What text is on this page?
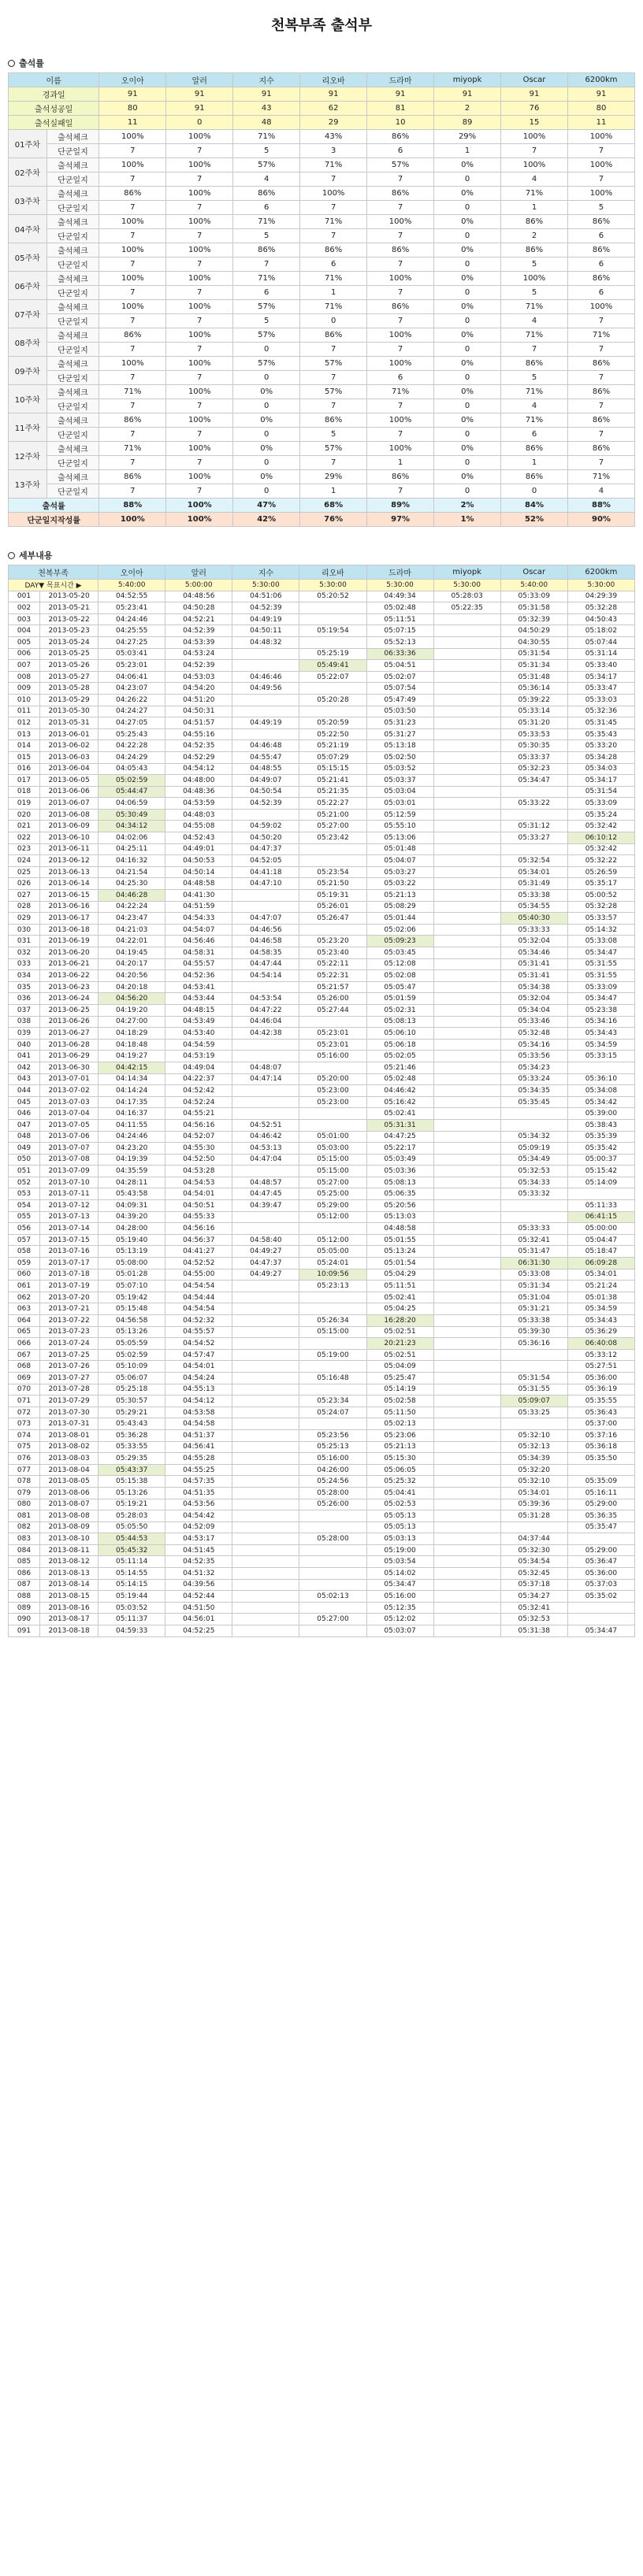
천복부족 출석부
출석률
이름		오이아	알러	지수	리오바	드라마	miyopk	Oscar	6200km
경과일		91	91	91	91	91	91	91	91
출석성공일		80	91	43	62	81	2	76	80
출석실패일		11	0	48	29	10	89	15	11
01주차	출석체크	100%	100%	71%	43%	86%	29%	100%	100%
	단군일지	7	7	5	3	6	1	7	7
02주차	출석체크	100%	100%	57%	71%	57%	0%	100%	100%
	단군일지	7	7	4	7	7	0	4	7
03주차	출석체크	86%	100%	86%	100%	86%	0%	71%	100%
	단군일지	7	7	6	7	7	0	1	5
04주차	출석체크	100%	100%	71%	71%	100%	0%	86%	86%
	단군일지	7	7	5	7	7	0	2	6
05주차	출석체크	100%	100%	86%	86%	86%	0%	86%	86%
	단군일지	7	7	7	6	7	0	5	6
06주차	출석체크	100%	100%	71%	71%	100%	0%	100%	86%
	단군일지	7	7	6	1	7	0	5	6
07주차	출석체크	100%	100%	57%	71%	86%	0%	71%	100%
	단군일지	7	7	5	0	7	0	4	7
08주차	출석체크	86%	100%	57%	86%	100%	0%	71%	71%
	단군일지	7	7	0	7	7	0	7	7
09주차	출석체크	100%	100%	57%	57%	100%	0%	86%	86%
	단군일지	7	7	0	7	6	0	5	7
10주차	출석체크	71%	100%	0%	57%	71%	0%	71%	86%
	단군일지	7	7	0	7	7	0	4	7
11주차	출석체크	86%	100%	0%	86%	100%	0%	71%	86%
	단군일지	7	7	0	5	7	0	6	7
12주차	출석체크	71%	100%	0%	57%	100%	0%	86%	86%
	단군일지	7	7	0	7	1	0	1	7
13주차	출석체크	86%	100%	0%	29%	86%	0%	86%	71%
	단군일지	7	7	0	1	7	0	0	4
출석률		88%	100%	47%	68%	89%	2%	84%	88%
단군일지작성률		100%	100%	42%	76%	97%	1%	52%	90%
세부내용
천복부족		오이아	알러	지수	리오바	드라마	miyopk	Oscar	6200km
DAY▼ 목표시간 ▶		5:40:00	5:00:00	5:30:00	5:30:00	5:30:00	5:30:00	5:40:00	5:30:00
001	2013-05-20	04:52:55	04:48:56	04:51:06	05:20:52	04:49:34	05:28:03	05:33:09	04:29:39
002	2013-05-21	05:23:41	04:50:28	04:52:39		05:02:48	05:22:35	05:31:58	05:32:28
003	2013-05-22	04:24:46	04:52:21	04:49:19		05:11:51		05:32:39	04:50:43
004	2013-05-23	04:25:55	04:52:39	04:50:11	05:19:54	05:07:15		04:50:29	05:18:02
005	2013-05-24	04:27:25	04:53:39	04:48:32		05:52:13		04:30:55	05:07:44
006	2013-05-25	05:03:41	04:53:24		05:25:19	06:33:36		05:31:54	05:31:14
007	2013-05-26	05:23:01	04:52:39		05:49:41	05:04:51		05:31:34	05:33:40
008	2013-05-27	04:06:41	04:53:03	04:46:46	05:22:07	05:02:07		05:31:48	05:34:17
009	2013-05-28	04:23:07	04:54:20	04:49:56		05:07:54		05:36:14	05:33:47
010	2013-05-29	04:26:22	04:51:20		05:20:28	05:47:49		05:39:22	05:33:03
011	2013-05-30	04:24:27	04:50:31			05:03:50		05:33:14	05:32:36
012	2013-05-31	04:27:05	04:51:57	04:49:19	05:20:59	05:31:23		05:31:20	05:31:45
013	2013-06-01	05:25:43	04:55:16		05:22:50	05:31:27		05:33:53	05:35:43
014	2013-06-02	04:22:28	04:52:35	04:46:48	05:21:19	05:13:18		05:30:35	05:33:20
015	2013-06-03	04:24:29	04:52:29	04:55:47	05:07:29	05:02:50		05:33:37	05:34:28
016	2013-06-04	04:05:43	04:54:12	04:48:55	05:15:15	05:03:52		05:32:23	05:34:03
017	2013-06-05	05:02:59	04:48:00	04:49:07	05:21:41	05:03:37		05:34:47	05:34:17
018	2013-06-06	05:44:47	04:48:36	04:50:54	05:21:35	05:03:04			05:31:54
019	2013-06-07	04:06:59	04:53:59	04:52:39	05:22:27	05:03:01		05:33:22	05:33:09
020	2013-06-08	05:30:49	04:48:03		05:21:00	05:12:59			05:35:24
021	2013-06-09	04:34:12	04:55:08	04:59:02	05:27:00	05:55:10		05:31:12	05:32:42
022	2013-06-10	04:02:06	04:52:43	04:50:20	05:23:42	05:13:06		05:33:27	06:10:12
023	2013-06-11	04:25:11	04:49:01	04:47:37		05:01:48			05:32:42
024	2013-06-12	04:16:32	04:50:53	04:52:05		05:04:07		05:32:54	05:32:22
025	2013-06-13	04:21:54	04:50:14	04:41:18	05:23:54	05:03:27		05:34:01	05:26:59
026	2013-06-14	04:25:30	04:48:58	04:47:10	05:21:50	05:03:22		05:31:49	05:35:17
027	2013-06-15	04:46:28	04:41:30		05:19:31	05:21:13		05:33:38	05:00:52
028	2013-06-16	04:22:24	04:51:59		05:26:01	05:08:29		05:34:55	05:32:28
029	2013-06-17	04:23:47	04:54:33	04:47:07	05:26:47	05:01:44		05:40:30	05:33:57
030	2013-06-18	04:21:03	04:54:07	04:46:56		05:02:06		05:33:33	05:14:32
031	2013-06-19	04:22:01	04:56:46	04:46:58	05:23:20	05:09:23		05:32:04	05:33:08
032	2013-06-20	04:19:45	04:58:31	04:58:35	05:23:40	05:03:45		05:34:46	05:34:47
033	2013-06-21	04:20:17	04:55:57	04:47:44	05:22:11	05:12:08		05:31:41	05:31:55
034	2013-06-22	04:20:56	04:52:36	04:54:14	05:22:31	05:02:08		05:31:41	05:31:55
035	2013-06-23	04:20:18	04:53:41		05:21:57	05:05:47		05:34:38	05:33:09
036	2013-06-24	04:56:20	04:53:44	04:53:54	05:26:00	05:01:59		05:32:04	05:34:47
037	2013-06-25	04:19:20	04:48:15	04:47:22	05:27:44	05:02:31		05:34:04	05:23:38
038	2013-06-26	04:27:00	04:53:49	04:46:04		05:08:13		05:33:46	05:34:16
039	2013-06-27	04:18:29	04:53:40	04:42:38	05:23:01	05:06:10		05:32:48	05:34:43
040	2013-06-28	04:18:48	04:54:59		05:23:01	05:06:18		05:34:16	05:34:59
041	2013-06-29	04:19:27	04:53:19		05:16:00	05:02:05		05:33:56	05:33:15
042	2013-06-30	04:42:15	04:49:04	04:48:07		05:21:46		05:34:23	
043	2013-07-01	04:14:34	04:22:37	04:47:14	05:20:00	05:02:48		05:33:24	05:36:10
044	2013-07-02	04:14:24	04:52:42		05:23:00	04:46:42		05:34:35	05:34:08
045	2013-07-03	04:17:35	04:52:24		05:23:00	05:16:42		05:35:45	05:34:42
046	2013-07-04	04:16:37	04:55:21			05:02:41			05:39:00
047	2013-07-05	04:11:55	04:56:16	04:52:51		05:31:31			05:38:43
048	2013-07-06	04:24:46	04:52:07	04:46:42	05:01:00	04:47:25		05:34:32	05:35:39
049	2013-07-07	04:23:20	04:55:30	04:53:13	05:03:00	05:22:17		05:09:19	05:35:42
050	2013-07-08	04:19:39	04:52:50	04:47:04	05:15:00	05:03:49		05:34:49	05:00:37
051	2013-07-09	04:35:59	04:53:28		05:15:00	05:03:36		05:32:53	05:15:42
052	2013-07-10	04:28:11	04:54:53	04:48:57	05:27:00	05:08:13		05:34:33	05:14:09
053	2013-07-11	05:43:58	04:54:01	04:47:45	05:25:00	05:06:35		05:33:32	
054	2013-07-12	04:09:31	04:50:51	04:39:47	05:29:00	05:20:56			05:11:33
055	2013-07-13	04:39:20	04:55:33		05:12:00	05:13:03			06:41:15
056	2013-07-14	04:28:00	04:56:16			04:48:58		05:33:33	05:00:00
057	2013-07-15	05:19:40	04:56:37	04:58:40	05:12:00	05:01:55		05:32:41	05:04:47
058	2013-07-16	05:13:19	04:41:27	04:49:27	05:05:00	05:13:24		05:31:47	05:18:47
059	2013-07-17	05:08:00	04:52:52	04:47:37	05:24:01	05:01:54		06:31:30	06:09:28
060	2013-07-18	05:01:28	04:55:00	04:49:27	10:09:56	05:04:29		05:33:08	05:34:01
061	2013-07-19	05:07:10	04:54:54		05:23:13	05:11:51		05:31:34	05:21:24
062	2013-07-20	05:19:42	04:54:44			05:02:41		05:31:04	05:01:38
063	2013-07-21	05:15:48	04:54:54			05:04:25		05:31:21	05:34:59
064	2013-07-22	04:56:58	04:52:32		05:26:34	16:28:20		05:33:38	05:34:43
065	2013-07-23	05:13:26	04:55:57		05:15:00	05:02:51		05:39:30	05:36:29
066	2013-07-24	05:05:59	04:54:52			20:21:23		05:36:16	06:40:08
067	2013-07-25	05:02:59	04:57:47		05:19:00	05:02:51			05:33:12
068	2013-07-26	05:10:09	04:54:01			05:04:09			05:27:51
069	2013-07-27	05:06:07	04:54:24		05:16:48	05:25:47		05:31:54	05:36:00
070	2013-07-28	05:25:18	04:55:13			05:14:19		05:31:55	05:36:19
071	2013-07-29	05:30:57	04:54:12		05:23:34	05:02:58		05:09:07	05:35:55
072	2013-07-30	05:29:21	04:53:58		05:24:07	05:11:50		05:33:25	05:36:43
073	2013-07-31	05:43:43	04:54:58			05:02:13			05:37:00
074	2013-08-01	05:36:28	04:51:37		05:23:56	05:23:06		05:32:10	05:37:16
075	2013-08-02	05:33:55	04:56:41		05:25:13	05:21:13		05:32:13	05:36:18
076	2013-08-03	05:29:35	04:55:28		05:16:00	05:15:30		05:34:39	05:35:50
077	2013-08-04	05:43:37	04:55:25		04:26:00	05:06:05		05:32:20	
078	2013-08-05	05:15:38	04:57:35		05:24:56	05:25:32		05:32:10	05:35:09
079	2013-08-06	05:13:26	04:51:35		05:28:00	05:04:41		05:34:01	05:16:11
080	2013-08-07	05:19:21	04:53:56		05:26:00	05:02:53		05:39:36	05:29:00
081	2013-08-08	05:28:03	04:54:42			05:05:13		05:31:28	05:36:35
082	2013-08-09	05:05:50	04:52:09			05:05:13			05:35:47
083	2013-08-10	05:44:53	04:53:17		05:28:00	05:03:13		04:37:44	
084	2013-08-11	05:45:32	04:51:45			05:19:00		05:32:30	05:29:00
085	2013-08-12	05:11:14	04:52:35			05:03:54		05:34:54	05:36:47
086	2013-08-13	05:14:55	04:51:32			05:14:02		05:32:45	05:36:00
087	2013-08-14	05:14:15	04:39:56			05:34:47		05:37:18	05:37:03
088	2013-08-15	05:19:44	04:52:44		05:02:13	05:16:00		05:34:27	05:35:02
089	2013-08-16	05:03:52	04:51:50			05:12:35		05:32:41	
090	2013-08-17	05:11:37	04:56:01		05:27:00	05:12:02		05:32:53	
091	2013-08-18	04:59:33	04:52:25			05:03:07		05:31:38	05:34:47
